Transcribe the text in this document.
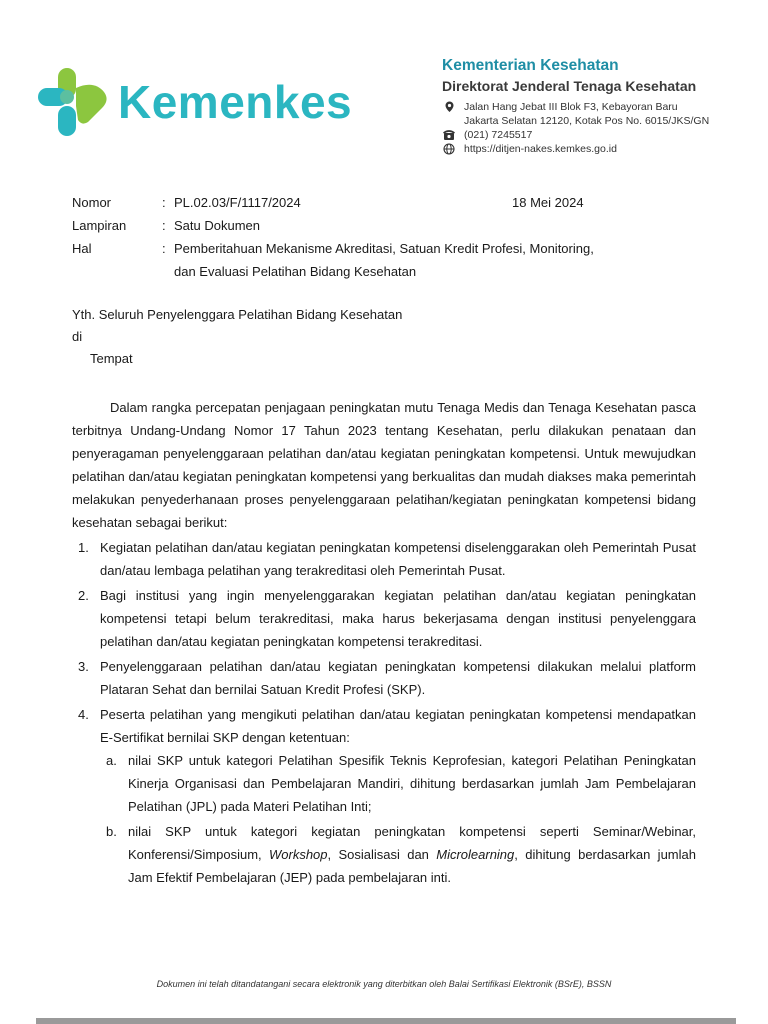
Kemenkes
Kementerian Kesehatan
Direktorat Jenderal Tenaga Kesehatan
Jalan Hang Jebat III Blok F3, Kebayoran Baru
Jakarta Selatan 12120, Kotak Pos No. 6015/JKS/GN
(021) 7245517
https://ditjen-nakes.kemkes.go.id
Nomor	: PL.02.03/F/1117/2024
Lampiran	: Satu Dokumen
Hal	: Pemberitahuan Mekanisme Akreditasi, Satuan Kredit Profesi, Monitoring, dan Evaluasi Pelatihan Bidang Kesehatan
18 Mei 2024
Yth. Seluruh Penyelenggara Pelatihan Bidang Kesehatan
di
Tempat

Dalam rangka percepatan penjagaan peningkatan mutu Tenaga Medis dan Tenaga Kesehatan pasca terbitnya Undang-Undang Nomor 17 Tahun 2023 tentang Kesehatan, perlu dilakukan penataan dan penyeragaman penyelenggaraan pelatihan dan/atau kegiatan peningkatan kompetensi. Untuk mewujudkan pelatihan dan/atau kegiatan peningkatan kompetensi yang berkualitas dan mudah diakses maka pemerintah melakukan penyederhanaan proses penyelenggaraan pelatihan/kegiatan peningkatan kompetensi bidang kesehatan sebagai berikut:

1. Kegiatan pelatihan dan/atau kegiatan peningkatan kompetensi diselenggarakan oleh Pemerintah Pusat dan/atau lembaga pelatihan yang terakreditasi oleh Pemerintah Pusat.
2. Bagi institusi yang ingin menyelenggarakan kegiatan pelatihan dan/atau kegiatan peningkatan kompetensi tetapi belum terakreditasi, maka harus bekerjasama dengan institusi penyelenggara pelatihan dan/atau kegiatan peningkatan kompetensi terakreditasi.
3. Penyelenggaraan pelatihan dan/atau kegiatan peningkatan kompetensi dilakukan melalui platform Plataran Sehat dan bernilai Satuan Kredit Profesi (SKP).
4. Peserta pelatihan yang mengikuti pelatihan dan/atau kegiatan peningkatan kompetensi mendapatkan E-Sertifikat bernilai SKP dengan ketentuan:
a. nilai SKP untuk kategori Pelatihan Spesifik Teknis Keprofesian, kategori Pelatihan Peningkatan Kinerja Organisasi dan Pembelajaran Mandiri, dihitung berdasarkan jumlah Jam Pembelajaran Pelatihan (JPL) pada Materi Pelatihan Inti;
b. nilai SKP untuk kategori kegiatan peningkatan kompetensi seperti Seminar/Webinar, Konferensi/Simposium, Workshop, Sosialisasi dan Microlearning, dihitung berdasarkan jumlah Jam Efektif Pembelajaran (JEP) pada pembelajaran inti.
Dokumen ini telah ditandatangani secara elektronik yang diterbitkan oleh Balai Sertifikasi Elektronik (BSrE), BSSN
